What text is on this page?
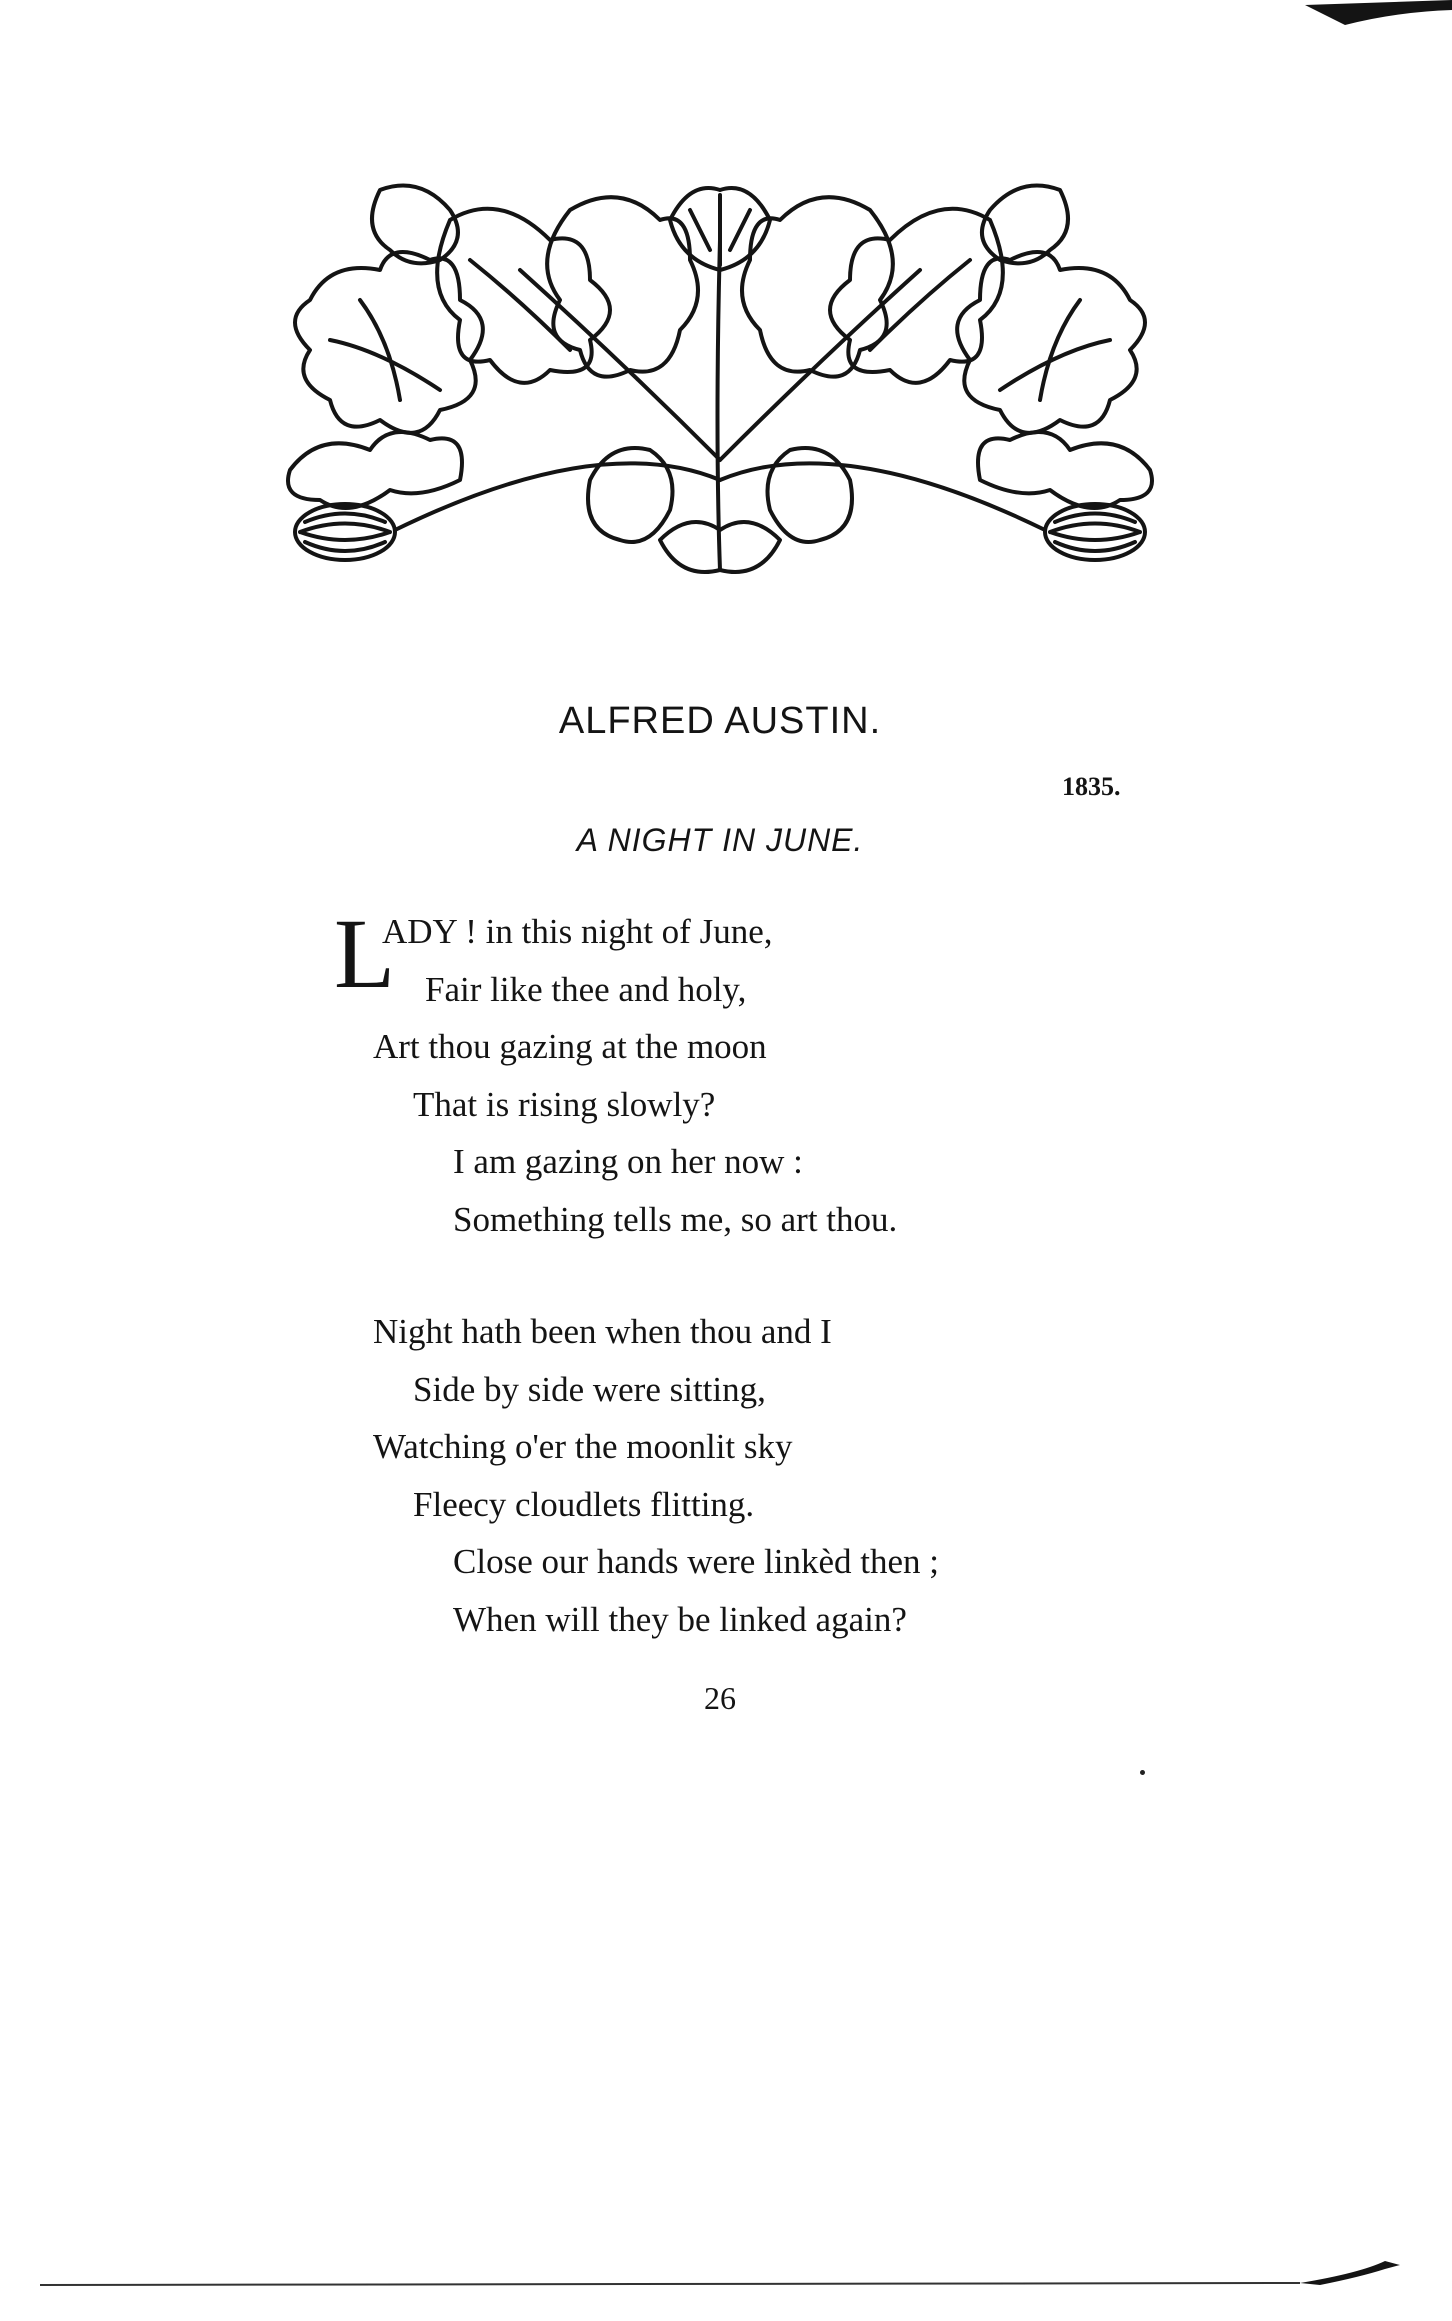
ALFRED AUSTIN.
1835.
A NIGHT IN JUNE.
L
ADY ! in this night of June,
Fair like thee and holy,
Art thou gazing at the moon
That is rising slowly?
I am gazing on her now :
Something tells me, so art thou.
Night hath been when thou and I
Side by side were sitting,
Watching o'er the moonlit sky
Fleecy cloudlets flitting.
Close our hands were linkèd then ;
When will they be linked again?
26
